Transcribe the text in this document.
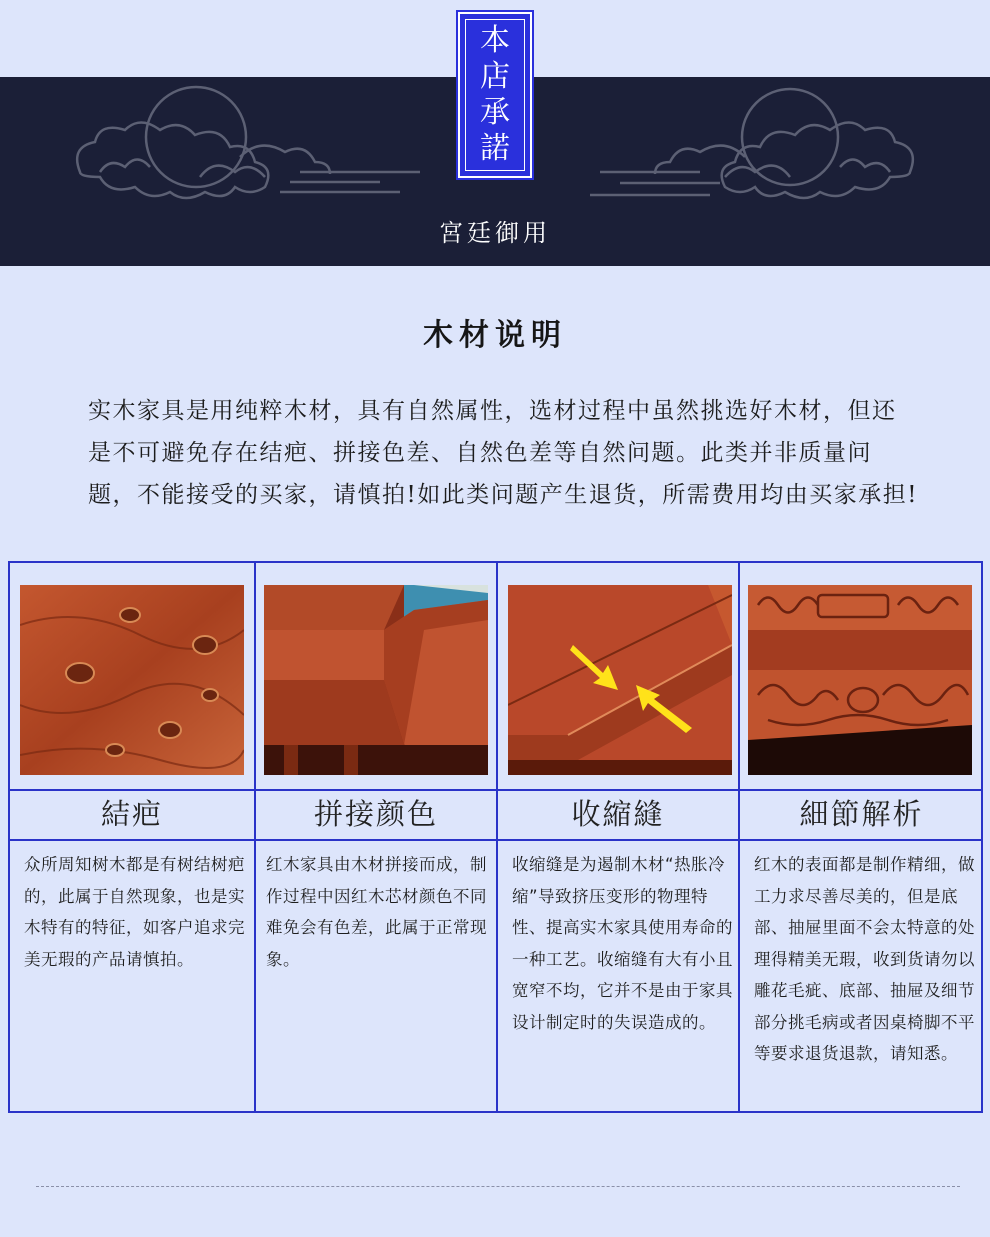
宮廷御用
本
店
承
諾
木材说明
实木家具是用纯粹木材，具有自然属性，选材过程中虽然挑选好木材，但还是不可避免存在结疤、拼接色差、自然色差等自然问题。此类并非质量问题，不能接受的买家，请慎拍!如此类问题产生退货，所需费用均由买家承担!
結疤
众所周知树木都是有树结树疤的，此属于自然现象，也是实木特有的特征，如客户追求完美无瑕的产品请慎拍。
拼接颜色
红木家具由木材拼接而成，制作过程中因红木芯材颜色不同难免会有色差，此属于正常现象。
收縮縫
收缩缝是为遏制木材“热胀冷缩”导致挤压变形的物理特性、提高实木家具使用寿命的一种工艺。收缩缝有大有小且宽窄不均，它并不是由于家具设计制定时的失误造成的。
細節解析
红木的表面都是制作精细，做工力求尽善尽美的，但是底部、抽屉里面不会太特意的处理得精美无瑕，收到货请勿以雕花毛疵、底部、抽屉及细节部分挑毛病或者因桌椅脚不平等要求退货退款，请知悉。
